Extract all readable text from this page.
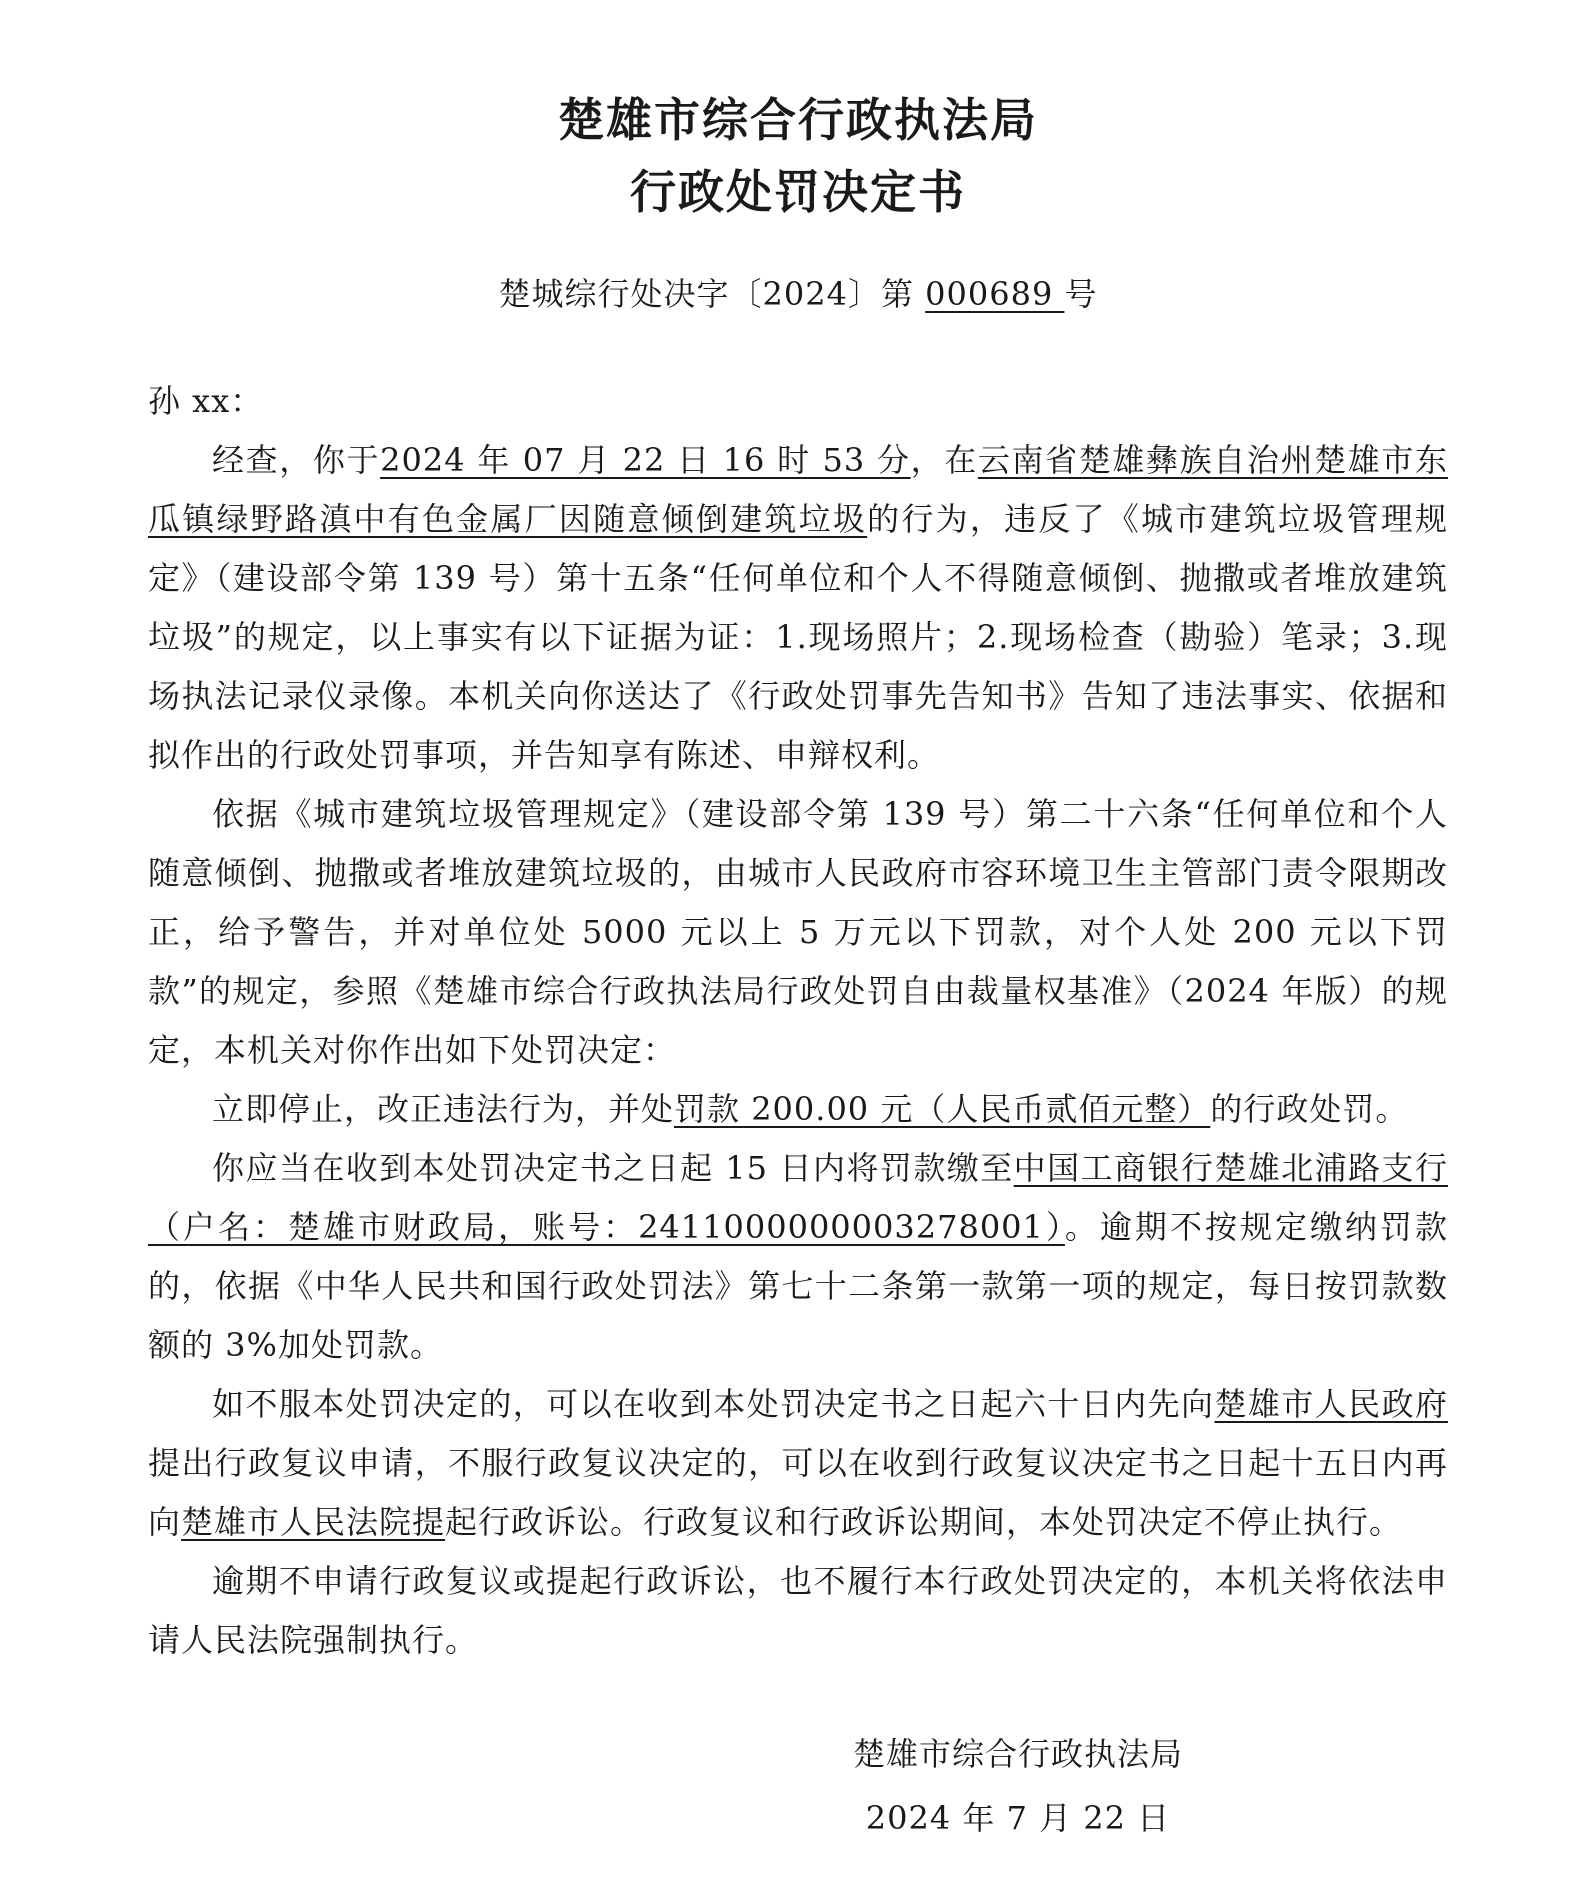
楚雄市综合行政执法局
行政处罚决定书
楚城综行处决字〔2024〕第 000689 号

孙 xx：

经查，你于2024 年 07 月 22 日 16 时 53 分，在云南省楚雄彝族自治州楚雄市东瓜镇绿野路滇中有色金属厂因随意倾倒建筑垃圾的行为，违反了《城市建筑垃圾管理规定》（建设部令第 139 号）第十五条“任何单位和个人不得随意倾倒、抛撒或者堆放建筑垃圾”的规定，以上事实有以下证据为证：1.现场照片；2.现场检查（勘验）笔录；3.现场执法记录仪录像。本机关向你送达了《行政处罚事先告知书》告知了违法事实、依据和拟作出的行政处罚事项，并告知享有陈述、申辩权利。

依据《城市建筑垃圾管理规定》（建设部令第 139 号）第二十六条“任何单位和个人随意倾倒、抛撒或者堆放建筑垃圾的，由城市人民政府市容环境卫生主管部门责令限期改正，给予警告，并对单位处 5000 元以上 5 万元以下罚款，对个人处 200 元以下罚款”的规定，参照《楚雄市综合行政执法局行政处罚自由裁量权基准》（2024 年版）的规定，本机关对你作出如下处罚决定：

立即停止，改正违法行为，并处罚款 200.00 元（人民币贰佰元整）的行政处罚。

你应当在收到本处罚决定书之日起 15 日内将罚款缴至中国工商银行楚雄北浦路支行（户名：楚雄市财政局，账号：2411000000003278001）。逾期不按规定缴纳罚款的，依据《中华人民共和国行政处罚法》第七十二条第一款第一项的规定，每日按罚款数额的 3%加处罚款。

如不服本处罚决定的，可以在收到本处罚决定书之日起六十日内先向楚雄市人民政府提出行政复议申请，不服行政复议决定的，可以在收到行政复议决定书之日起十五日内再向楚雄市人民法院提起行政诉讼。行政复议和行政诉讼期间，本处罚决定不停止执行。

逾期不申请行政复议或提起行政诉讼，也不履行本行政处罚决定的，本机关将依法申请人民法院强制执行。

楚雄市综合行政执法局
2024 年 7 月 22 日
